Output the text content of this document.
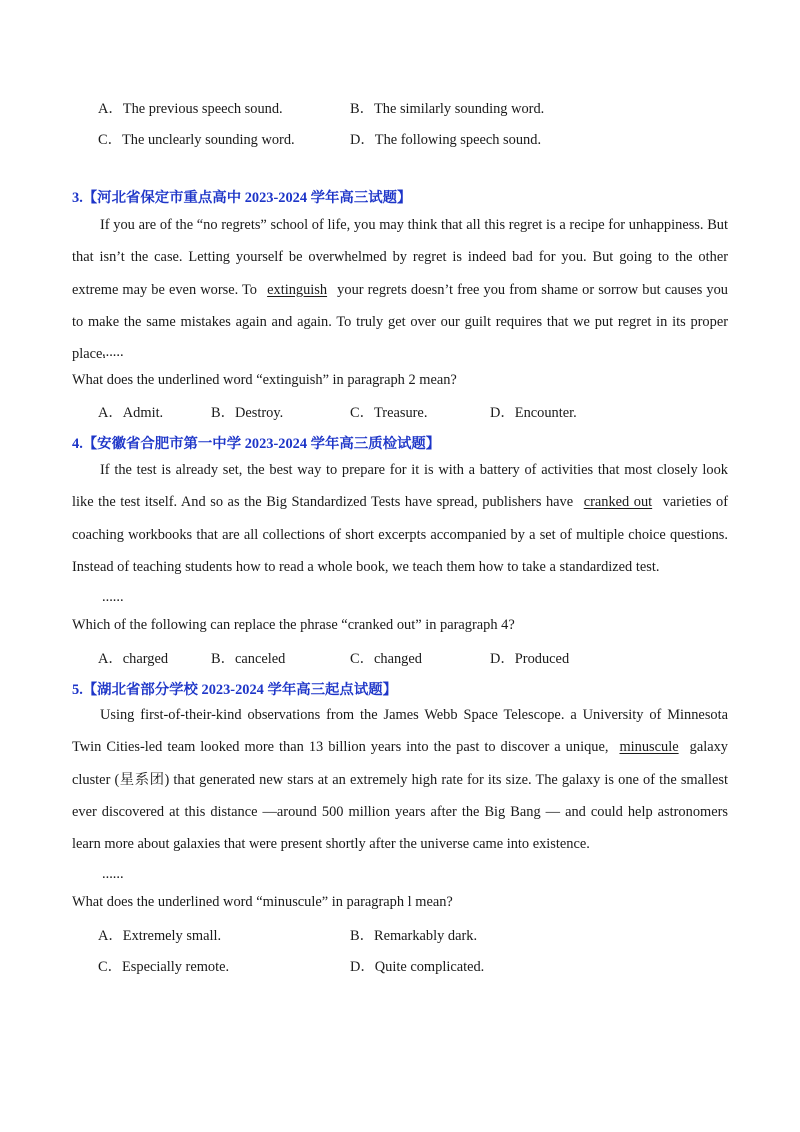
A．The previous speech sound.	B．The similarly sounding word.
C．The unclearly sounding word.	D．The following speech sound.
3.【河北省保定市重点高中 2023-2024 学年高三试题】

If you are of the “no regrets” school of life, you may think that all this regret is a recipe for unhappiness. But that isn’t the case. Letting yourself be overwhelmed by regret is indeed bad for you. But going to the other extreme may be even worse. To extinguish your regrets doesn’t free you from shame or sorrow but causes you to make the same mistakes again and again. To truly get over our guilt requires that we put regret in its proper place.

......
What does the underlined word “extinguish” in paragraph 2 mean?
A．Admit.	B．Destroy.	C．Treasure.	D．Encounter.
4.【安徽省合肥市第一中学 2023-2024 学年高三质检试题】

If the test is already set, the best way to prepare for it is with a battery of activities that most closely look like the test itself. And so as the Big Standardized Tests have spread, publishers have cranked out varieties of coaching workbooks that are all collections of short excerpts accompanied by a set of multiple choice questions. Instead of teaching students how to read a whole book, we teach them how to take a standardized test.

......
Which of the following can replace the phrase “cranked out” in paragraph 4?
A．charged	B．canceled	C．changed	D．Produced
5.【湖北省部分学校 2023-2024 学年高三起点试题】

Using first-of-their-kind observations from the James Webb Space Telescope. a University of Minnesota Twin Cities-led team looked more than 13 billion years into the past to discover a unique, minuscule galaxy cluster (星系团) that generated new stars at an extremely high rate for its size. The galaxy is one of the smallest ever discovered at this distance —around 500 million years after the Big Bang — and could help astronomers learn more about galaxies that were present shortly after the universe came into existence.

......
What does the underlined word “minuscule” in paragraph l mean?
A．Extremely small.	B．Remarkably dark.
C．Especially remote.	D．Quite complicated.
